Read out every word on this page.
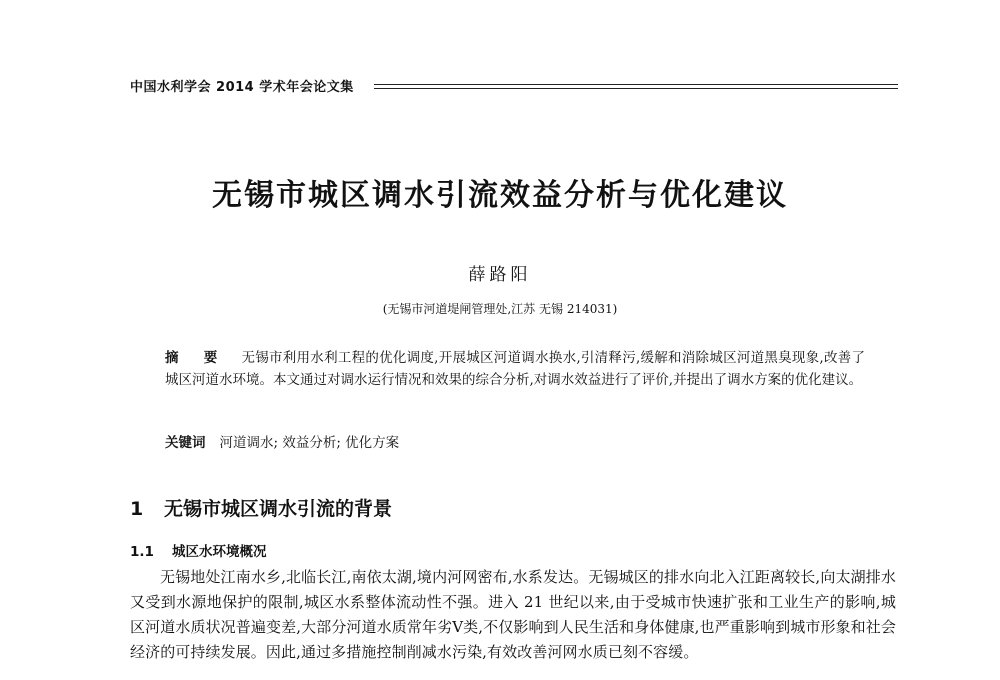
中国水利学会 2014 学术年会论文集
无锡市城区调水引流效益分析与优化建议
薛路阳
(无锡市河道堤闸管理处,江苏 无锡 214031)
摘 要 无锡市利用水利工程的优化调度,开展城区河道调水换水,引清释污,缓解和消除城区河道黑臭现象,改善了城区河道水环境。本文通过对调水运行情况和效果的综合分析,对调水效益进行了评价,并提出了调水方案的优化建议。
关键词 河道调水; 效益分析; 优化方案
1 无锡市城区调水引流的背景
1.1 城区水环境概况
无锡地处江南水乡,北临长江,南依太湖,境内河网密布,水系发达。无锡城区的排水向北入江距离较长,向太湖排水又受到水源地保护的限制,城区水系整体流动性不强。进入 21 世纪以来,由于受城市快速扩张和工业生产的影响,城区河道水质状况普遍变差,大部分河道水质常年劣Ⅴ类,不仅影响到人民生活和身体健康,也严重影响到城市形象和社会经济的可持续发展。因此,通过多措施控制削减水污染,有效改善河网水质已刻不容缓。
